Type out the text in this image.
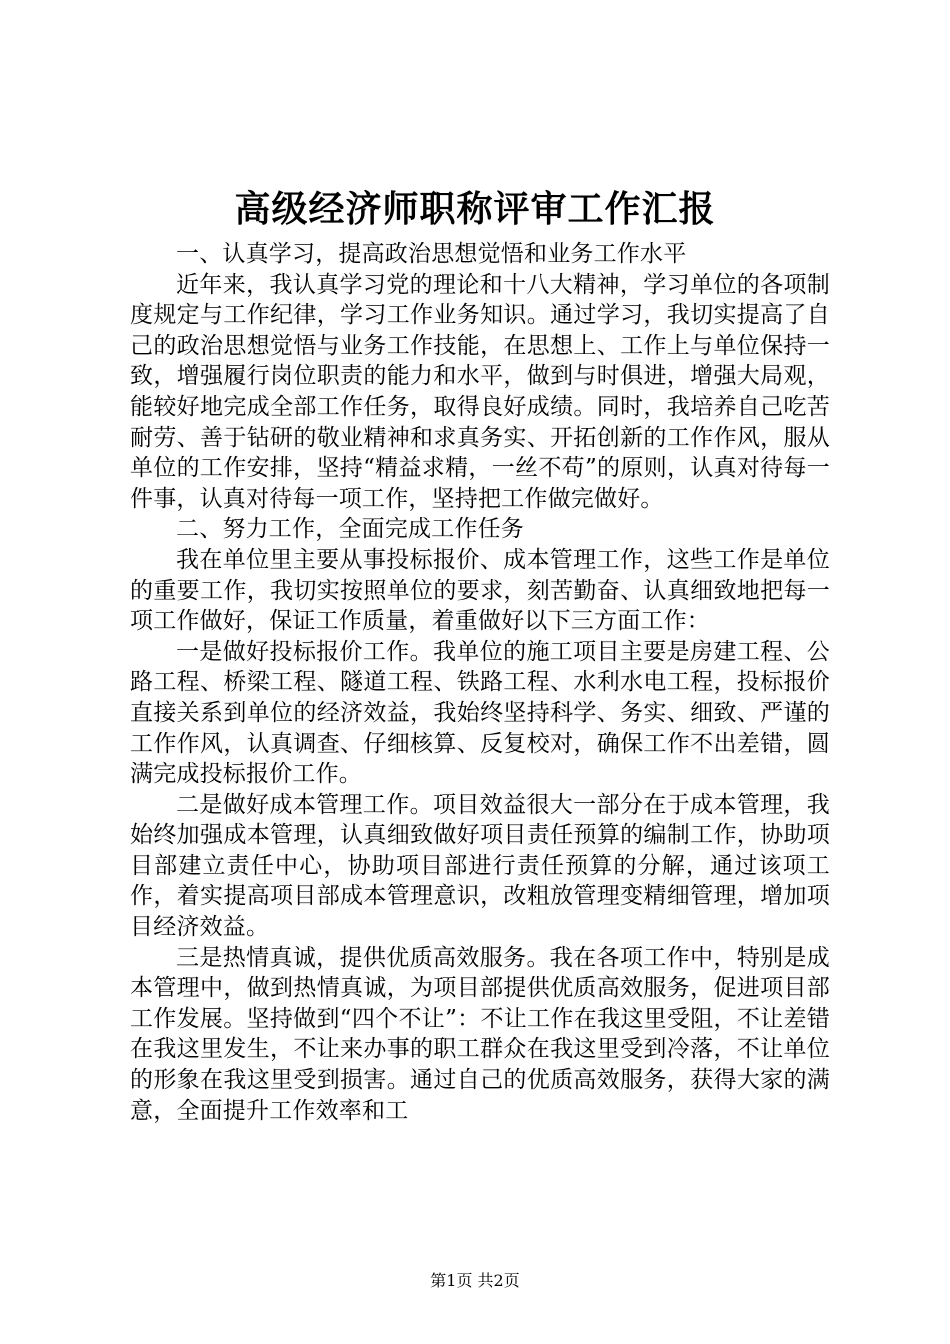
高级经济师职称评审工作汇报

一、认真学习，提高政治思想觉悟和业务工作水平

近年来，我认真学习党的理论和十八大精神，学习单位的各项制度规定与工作纪律，学习工作业务知识。通过学习，我切实提高了自己的政治思想觉悟与业务工作技能，在思想上、工作上与单位保持一致，增强履行岗位职责的能力和水平，做到与时俱进，增强大局观，能较好地完成全部工作任务，取得良好成绩。同时，我培养自己吃苦耐劳、善于钻研的敬业精神和求真务实、开拓创新的工作作风，服从单位的工作安排，坚持“精益求精，一丝不苟”的原则，认真对待每一件事，认真对待每一项工作，坚持把工作做完做好。

二、努力工作，全面完成工作任务

我在单位里主要从事投标报价、成本管理工作，这些工作是单位的重要工作，我切实按照单位的要求，刻苦勤奋、认真细致地把每一项工作做好，保证工作质量，着重做好以下三方面工作：

一是做好投标报价工作。我单位的施工项目主要是房建工程、公路工程、桥梁工程、隧道工程、铁路工程、水利水电工程，投标报价直接关系到单位的经济效益，我始终坚持科学、务实、细致、严谨的工作作风，认真调查、仔细核算、反复校对，确保工作不出差错，圆满完成投标报价工作。

二是做好成本管理工作。项目效益很大一部分在于成本管理，我始终加强成本管理，认真细致做好项目责任预算的编制工作，协助项目部建立责任中心，协助项目部进行责任预算的分解，通过该项工作，着实提高项目部成本管理意识，改粗放管理变精细管理，增加项目经济效益。

三是热情真诚，提供优质高效服务。我在各项工作中，特别是成本管理中，做到热情真诚，为项目部提供优质高效服务，促进项目部工作发展。坚持做到“四个不让”：不让工作在我这里受阻，不让差错在我这里发生，不让来办事的职工群众在我这里受到冷落，不让单位的形象在我这里受到损害。通过自己的优质高效服务，获得大家的满意，全面提升工作效率和工

第1页 共2页
